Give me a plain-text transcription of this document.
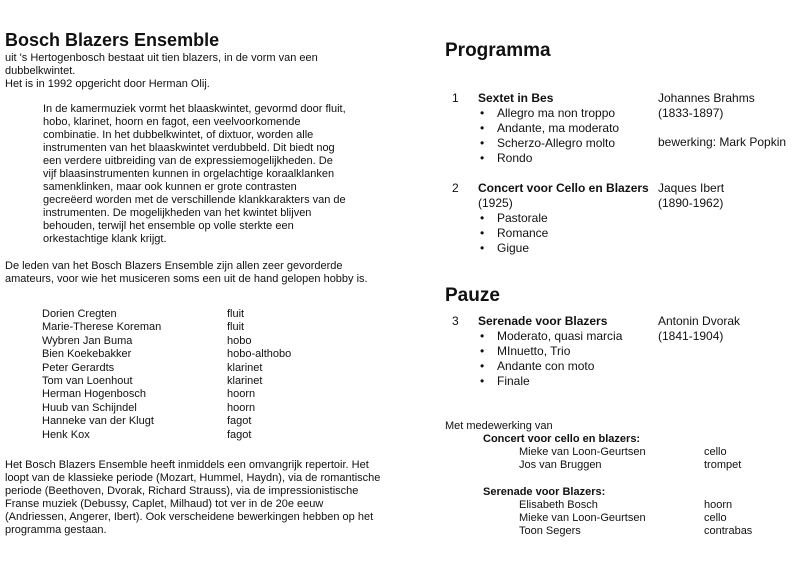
Bosch Blazers Ensemble

uit 's Hertogenbosch bestaat uit tien blazers, in de vorm van een dubbelkwintet.

Het is in 1992 opgericht door Herman Olij.

In de kamermuziek vormt het blaaskwintet, gevormd door fluit, hobo, klarinet, hoorn en fagot, een veelvoorkomende combinatie. In het dubbelkwintet, of dixtuor, worden alle instrumenten van het blaaskwintet verdubbeld. Dit biedt nog een verdere uitbreiding van de expressiemogelijkheden. De vijf blaasinstrumenten kunnen in orgelachtige koraalklanken samenklinken, maar ook kunnen er grote contrasten gecreëerd worden met de verschillende klankkarakters van de instrumenten. De mogelijkheden van het kwintet blijven behouden, terwijl het ensemble op volle sterkte een orkestachtige klank krijgt.
De leden van het Bosch Blazers Ensemble zijn allen zeer gevorderde amateurs, voor wie het musiceren soms een uit de hand gelopen hobby is.
Dorien Cregten	fluit
Marie-Therese Koreman	fluit
Wybren Jan Buma	hobo
Bien Koekebakker	hobo-althobo
Peter Gerardts	klarinet
Tom van Loenhout	klarinet
Herman Hogenbosch	hoorn
Huub van Schijndel	hoorn
Hanneke van der Klugt	fagot
Henk Kox	fagot
Het Bosch Blazers Ensemble heeft inmiddels een omvangrijk repertoir. Het loopt van de klassieke periode (Mozart, Hummel, Haydn), via de romantische periode (Beethoven, Dvorak, Richard Strauss), via de impressionistische Franse muziek (Debussy, Caplet, Milhaud) tot ver in de 20e eeuw (Andriessen, Angerer, Ibert). Ook verscheidene bewerkingen hebben op het programma gestaan.
Programma
1 Sextet in Bes
• Allegro ma non troppo
• Andante, ma moderato
• Scherzo-Allegro molto
• Rondo
Johannes Brahms
(1833-1897)
bewerking: Mark Popkin
2 Concert voor Cello en Blazers (1925)
• Pastorale
• Romance
• Gigue
Jaques Ibert
(1890-1962)
Pauze
3 Serenade voor Blazers
• Moderato, quasi marcia
• MInuetto, Trio
• Andante con moto
• Finale
Antonin Dvorak
(1841-1904)
Met medewerking van
Concert voor cello en blazers:
Mieke van Loon-Geurtsen	cello
Jos van Bruggen	trompet
Serenade voor Blazers:
Elisabeth Bosch	hoorn
Mieke van Loon-Geurtsen	cello
Toon Segers	contrabas
